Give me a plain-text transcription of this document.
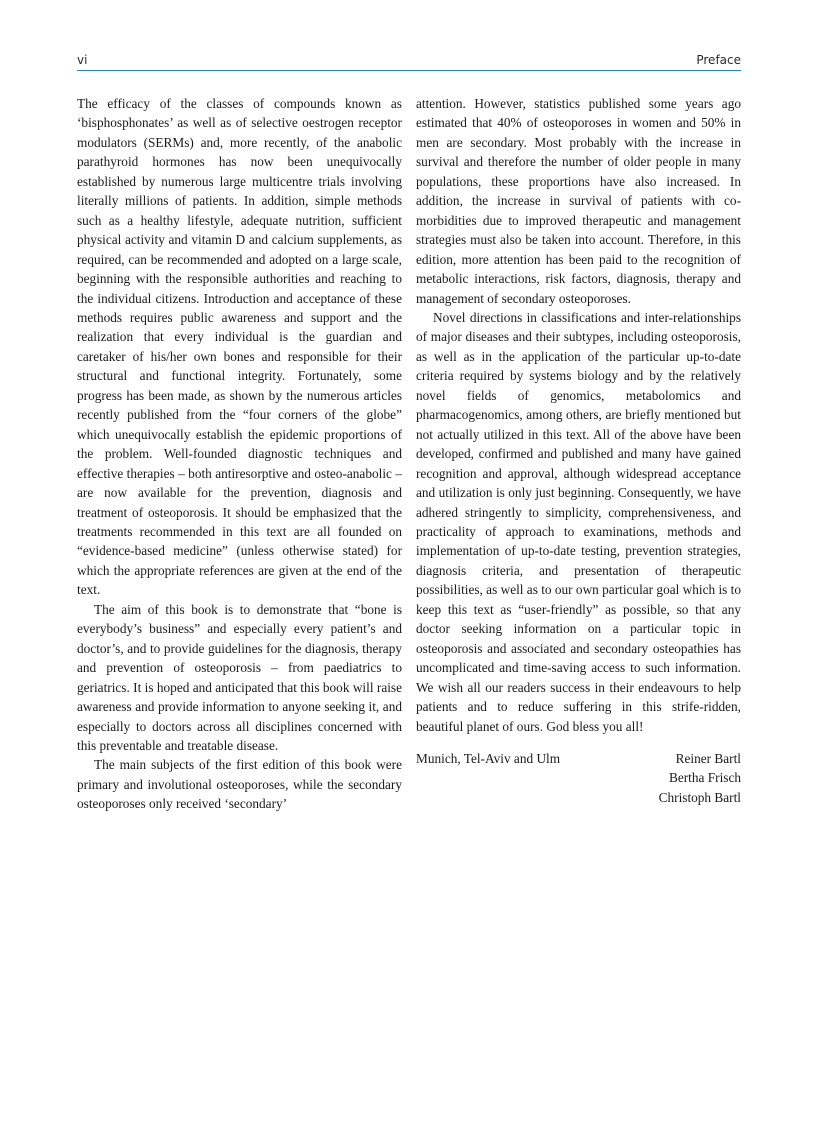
vi	Preface

The efficacy of the classes of compounds known as ‘bisphosphonates’ as well as of selective oestrogen receptor modulators (SERMs) and, more recently, of the anabolic parathyroid hormones has now been unequivocally established by numerous large multicentre trials involving literally millions of patients. In addition, simple methods such as a healthy lifestyle, adequate nutrition, sufficient physical activity and vitamin D and calcium supplements, as required, can be recommended and adopted on a large scale, beginning with the responsible authorities and reaching to the individual citizens. Introduction and acceptance of these methods requires public awareness and support and the realization that every individual is the guardian and caretaker of his/her own bones and responsible for their structural and functional integrity. Fortunately, some progress has been made, as shown by the numerous articles recently published from the “four corners of the globe” which unequivocally establish the epidemic proportions of the problem. Well-founded diagnostic techniques and effective therapies – both antiresorptive and osteo-anabolic – are now available for the prevention, diagnosis and treatment of osteoporosis. It should be emphasized that the treatments recommended in this text are all founded on “evidence-based medicine” (unless otherwise stated) for which the appropriate references are given at the end of the text.

The aim of this book is to demonstrate that “bone is everybody’s business” and especially every patient’s and doctor’s, and to provide guidelines for the diagnosis, therapy and prevention of osteoporosis – from paediatrics to geriatrics. It is hoped and anticipated that this book will raise awareness and provide information to anyone seeking it, and especially to doctors across all disciplines concerned with this preventable and treatable disease.

The main subjects of the first edition of this book were primary and involutional osteoporoses, while the secondary osteoporoses only received ‘secondary’

attention. However, statistics published some years ago estimated that 40% of osteoporoses in women and 50% in men are secondary. Most probably with the increase in survival and therefore the number of older people in many populations, these proportions have also increased. In addition, the increase in survival of patients with co-morbidities due to improved therapeutic and management strategies must also be taken into account. Therefore, in this edition, more attention has been paid to the recognition of metabolic interactions, risk factors, diagnosis, therapy and management of secondary osteoporoses.

Novel directions in classifications and inter-relationships of major diseases and their subtypes, including osteoporosis, as well as in the application of the particular up-to-date criteria required by systems biology and by the relatively novel fields of genomics, metabolomics and pharmacogenomics, among others, are briefly mentioned but not actually utilized in this text. All of the above have been developed, confirmed and published and many have gained recognition and approval, although widespread acceptance and utilization is only just beginning. Consequently, we have adhered stringently to simplicity, comprehensiveness, and practicality of approach to examinations, methods and implementation of up-to-date testing, prevention strategies, diagnosis criteria, and presentation of therapeutic possibilities, as well as to our own particular goal which is to keep this text as “user-friendly” as possible, so that any doctor seeking information on a particular topic in osteoporosis and associated and secondary osteopathies has uncomplicated and time-saving access to such information. We wish all our readers success in their endeavours to help patients and to reduce suffering in this strife-ridden, beautiful planet of ours. God bless you all!

Munich, Tel-Aviv and Ulm	Reiner Bartl
Bertha Frisch
Christoph Bartl
